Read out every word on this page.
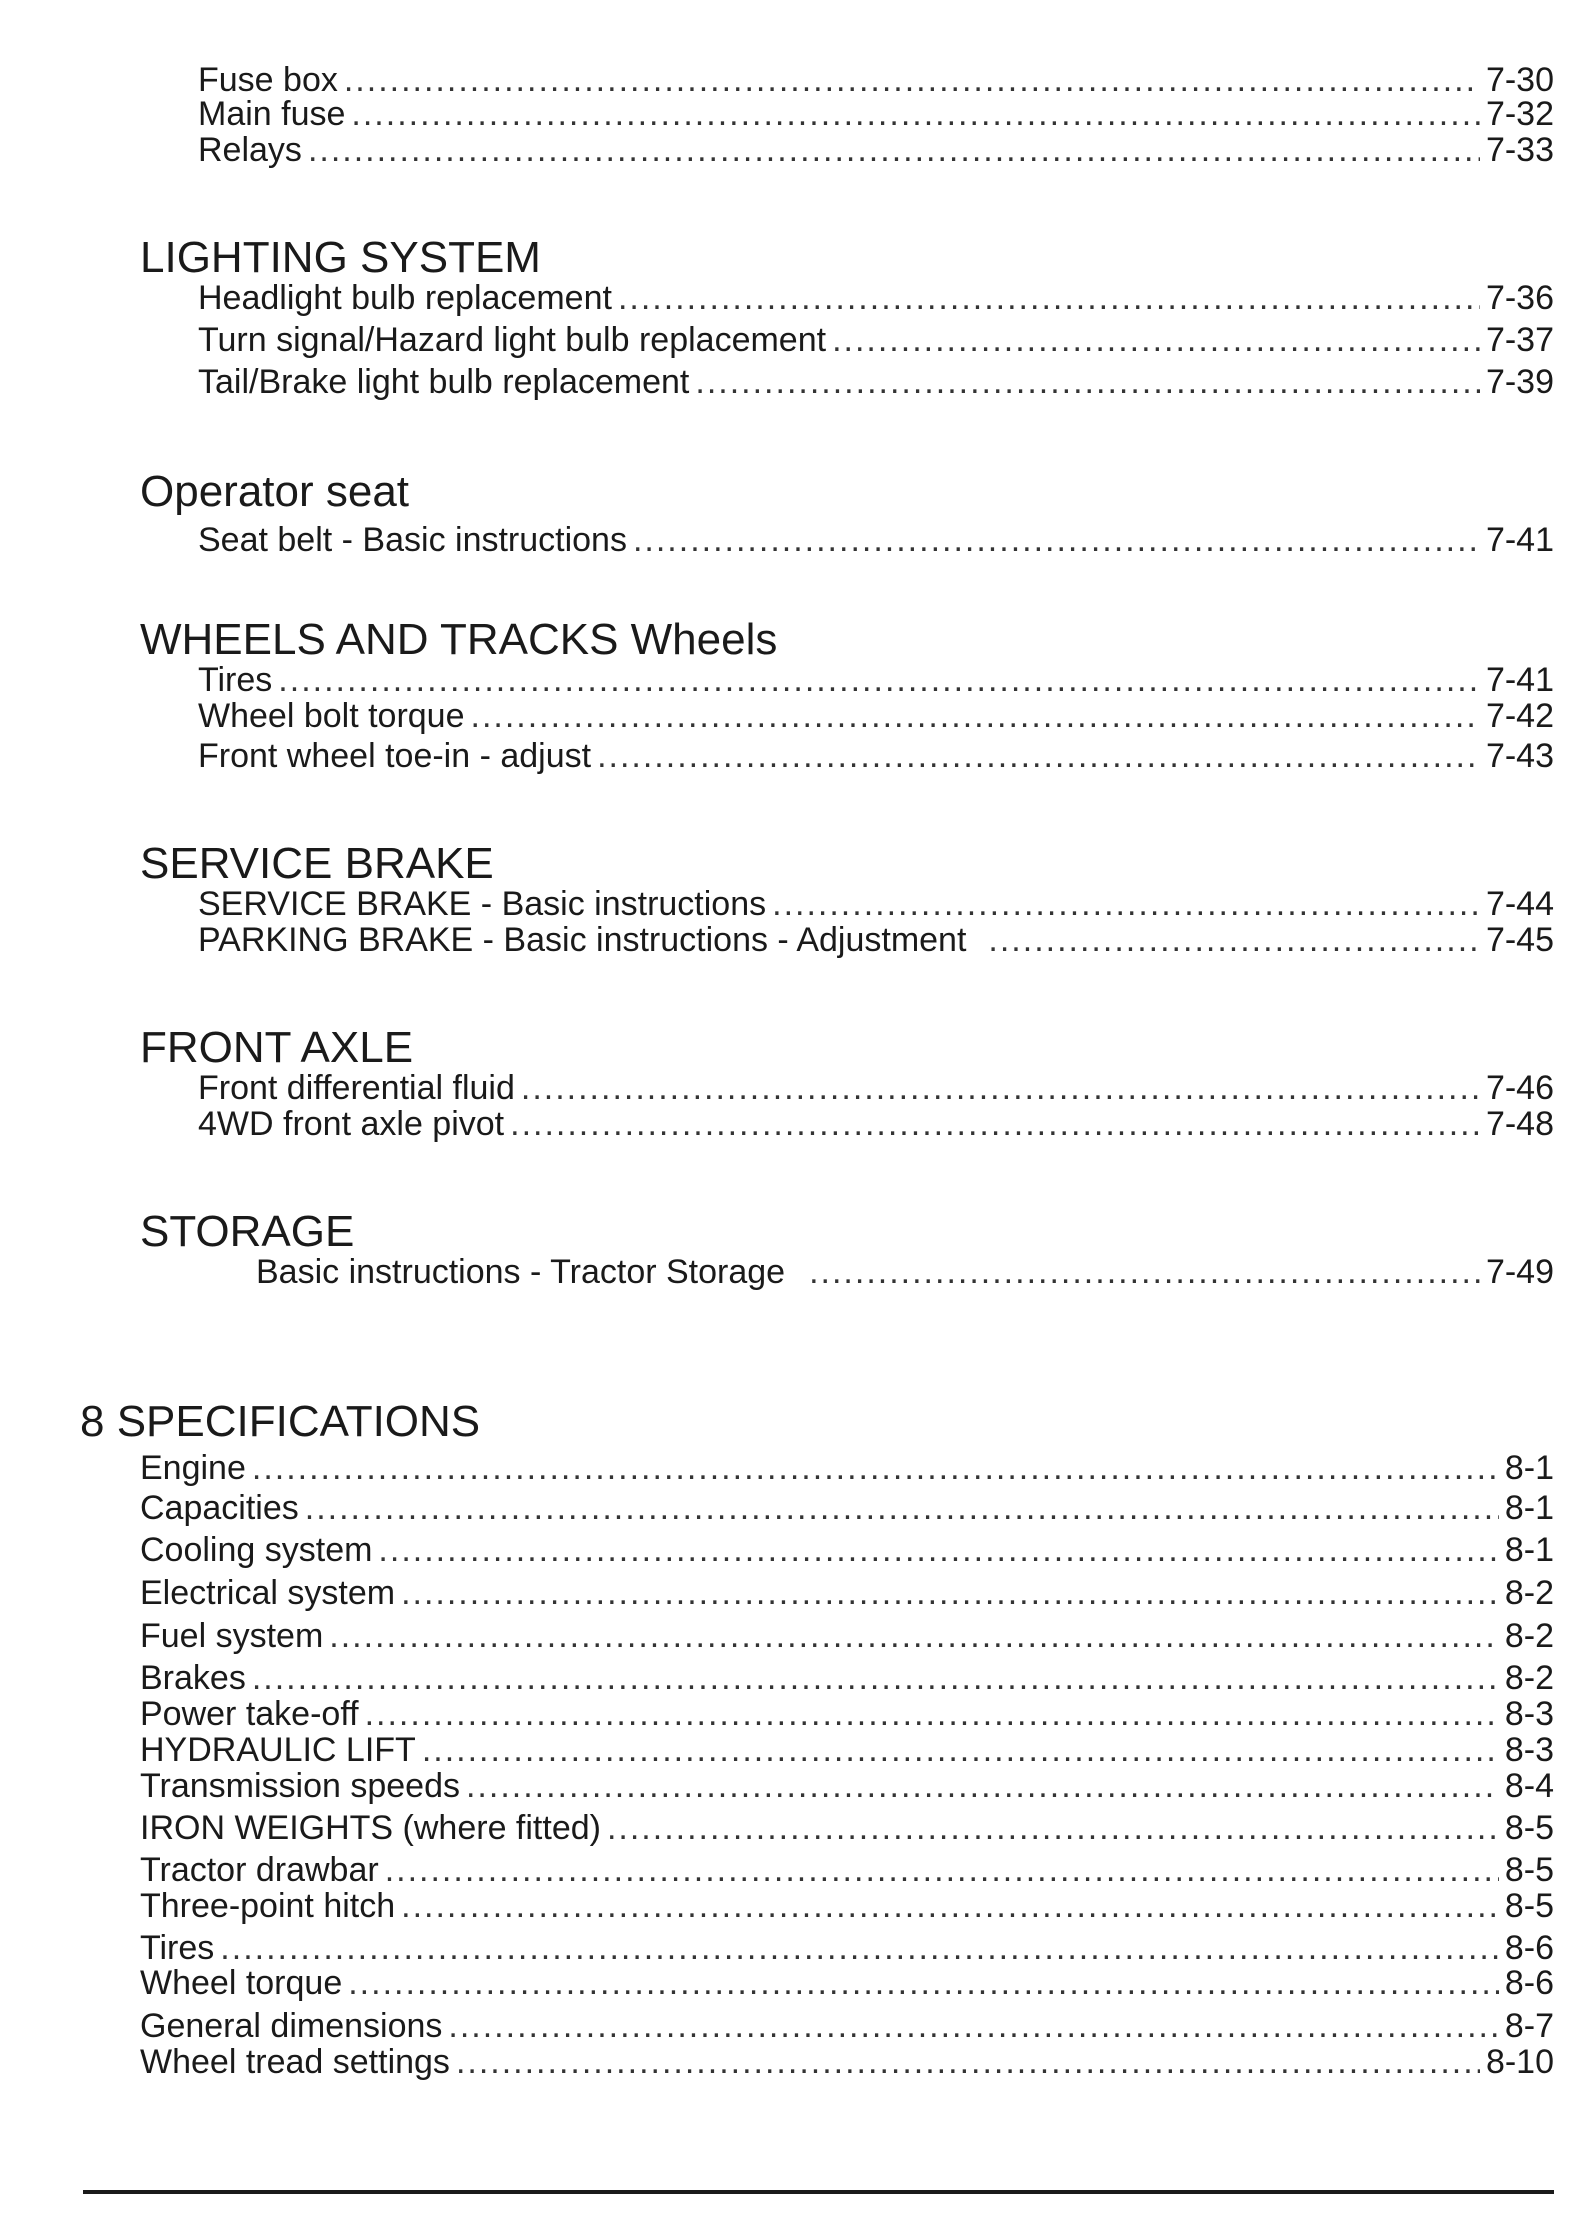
Fuse box .....	7-30
Main fuse .....	7-32
Relays .....	7-33
LIGHTING SYSTEM
Headlight bulb replacement .....	7-36
Turn signal/Hazard light bulb replacement .....	7-37
Tail/Brake light bulb replacement .....	7-39
Operator seat
Seat belt - Basic instructions .....	7-41
WHEELS AND TRACKS Wheels
Tires .....	7-41
Wheel bolt torque .....	7-42
Front wheel toe-in - adjust .....	7-43
SERVICE BRAKE
SERVICE BRAKE - Basic instructions .....	7-44
PARKING BRAKE - Basic instructions - Adjustment .....	7-45
FRONT AXLE
Front differential fluid .....	7-46
4WD front axle pivot .....	7-48
STORAGE
Basic instructions - Tractor Storage .....	7-49
8 SPECIFICATIONS
Engine .....	8-1
Capacities .....	8-1
Cooling system .....	8-1
Electrical system .....	8-2
Fuel system .....	8-2
Brakes .....	8-2
Power take-off .....	8-3
HYDRAULIC LIFT .....	8-3
Transmission speeds .....	8-4
IRON WEIGHTS (where fitted) .....	8-5
Tractor drawbar .....	8-5
Three-point hitch .....	8-5
Tires .....	8-6
Wheel torque .....	8-6
General dimensions .....	8-7
Wheel tread settings .....	8-10
